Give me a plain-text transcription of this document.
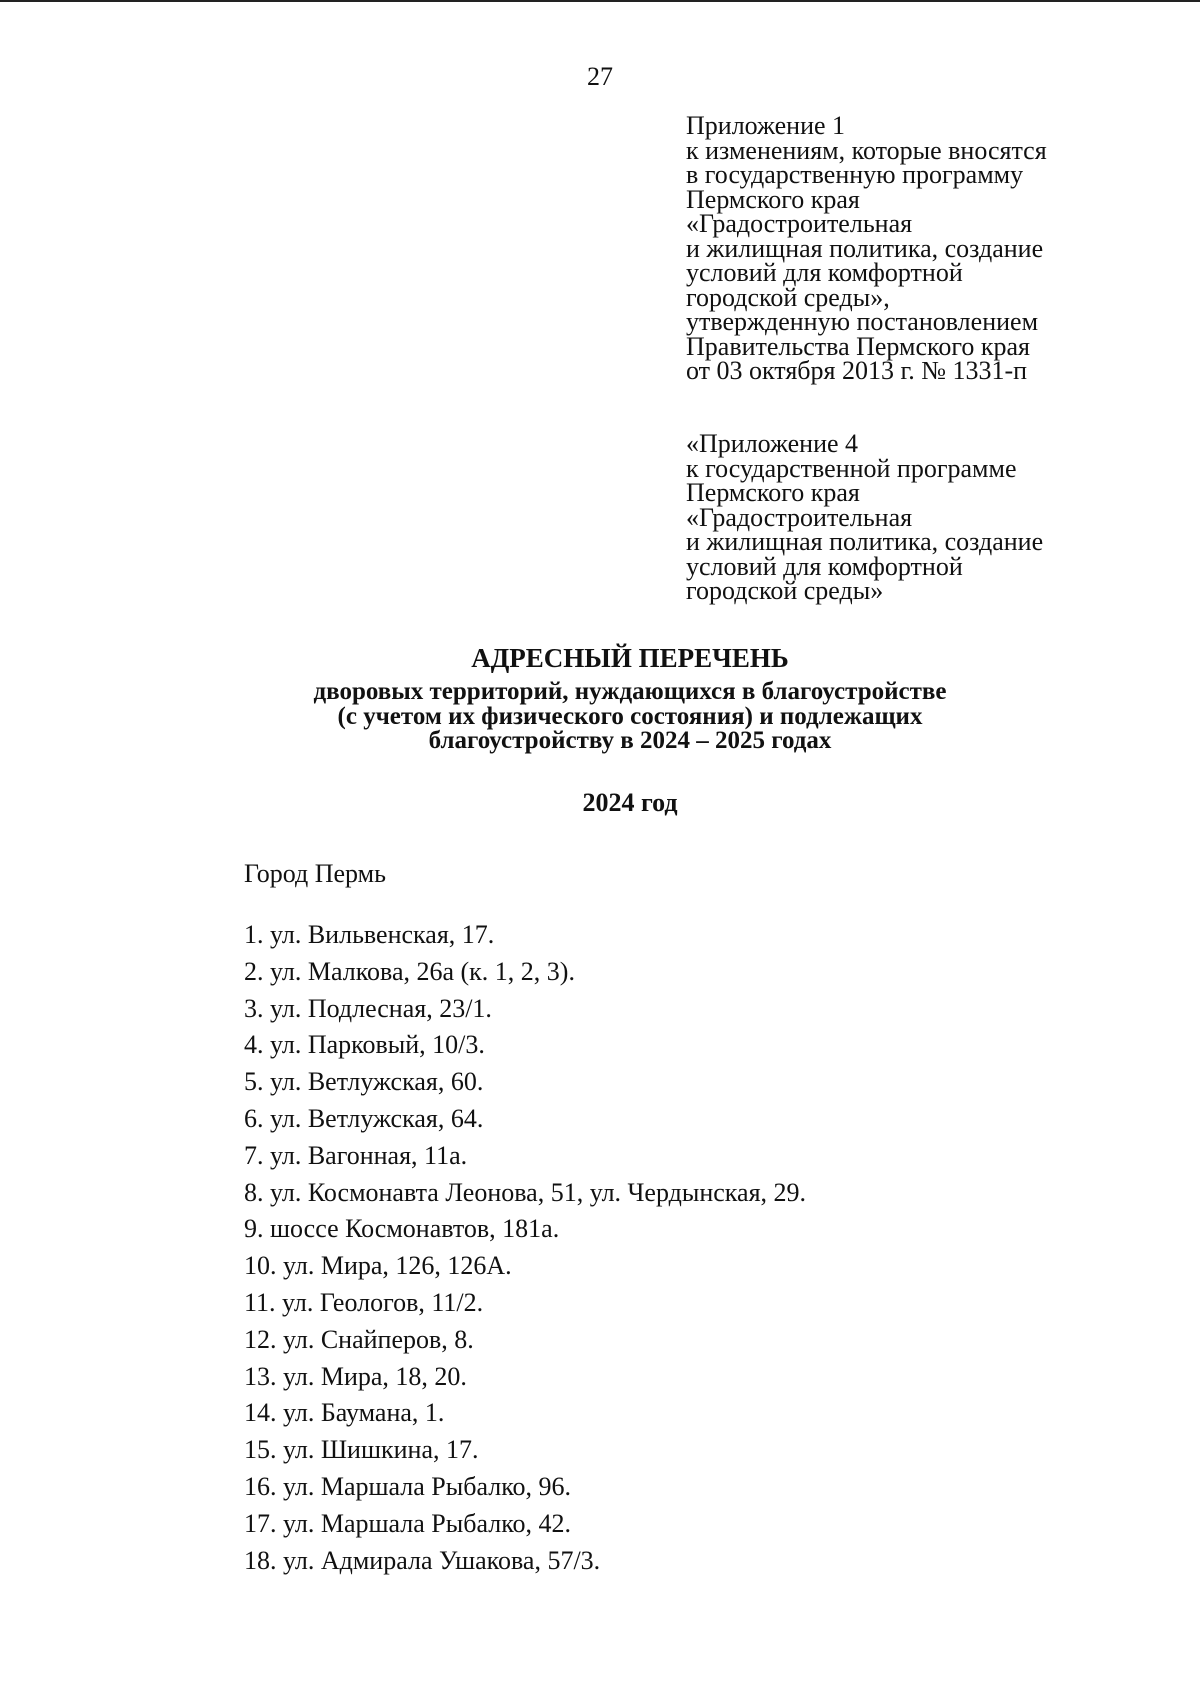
27
Приложение 1
к изменениям, которые вносятся
в государственную программу
Пермского края
«Градостроительная
и жилищная политика, создание
условий для комфортной
городской среды»,
утвержденную постановлением
Правительства Пермского края
от 03 октября 2013 г. № 1331-п
«Приложение 4
к государственной программе
Пермского края
«Градостроительная
и жилищная политика, создание
условий для комфортной
городской среды»
АДРЕСНЫЙ ПЕРЕЧЕНЬ
дворовых территорий, нуждающихся в благоустройстве
(с учетом их физического состояния) и подлежащих
благоустройству в 2024 – 2025 годах
2024 год
Город Пермь
1. ул. Вильвенская, 17.
2. ул. Малкова, 26а (к. 1, 2, 3).
3. ул. Подлесная, 23/1.
4. ул. Парковый, 10/3.
5. ул. Ветлужская, 60.
6. ул. Ветлужская, 64.
7. ул. Вагонная, 11а.
8. ул. Космонавта Леонова, 51, ул. Чердынская, 29.
9. шоссе Космонавтов, 181а.
10. ул. Мира, 126, 126А.
11. ул. Геологов, 11/2.
12. ул. Снайперов, 8.
13. ул. Мира, 18, 20.
14. ул. Баумана, 1.
15. ул. Шишкина, 17.
16. ул. Маршала Рыбалко, 96.
17. ул. Маршала Рыбалко, 42.
18. ул. Адмирала Ушакова, 57/3.
